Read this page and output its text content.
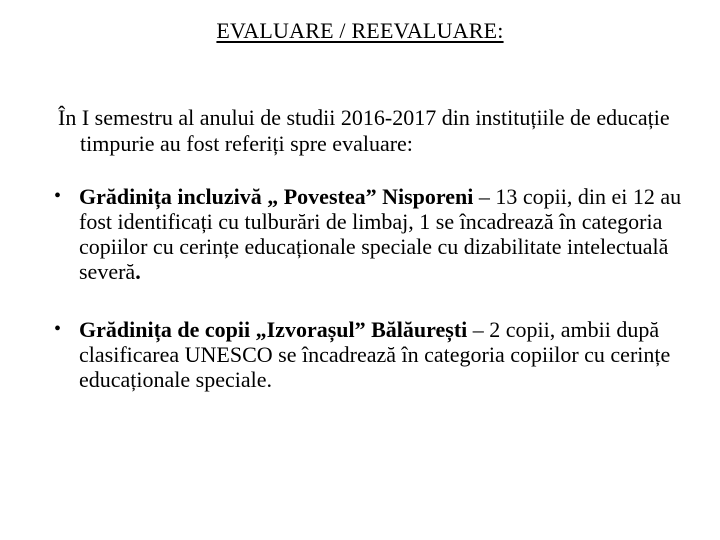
EVALUARE / REEVALUARE:

În I semestru al anului de studii 2016-2017 din instituțiile de educație timpurie au fost referiți spre evaluare:

• Grădinița incluzivă „ Povestea” Nisporeni – 13 copii, din ei 12 au fost identificați cu tulburări de limbaj, 1 se încadrează în categoria copiilor cu cerințe educaționale speciale cu dizabilitate intelectuală severă.
• Grădinița de copii „Izvorașul” Bălăurești – 2 copii, ambii după clasificarea UNESCO se încadrează în categoria copiilor cu cerințe educaționale speciale.
